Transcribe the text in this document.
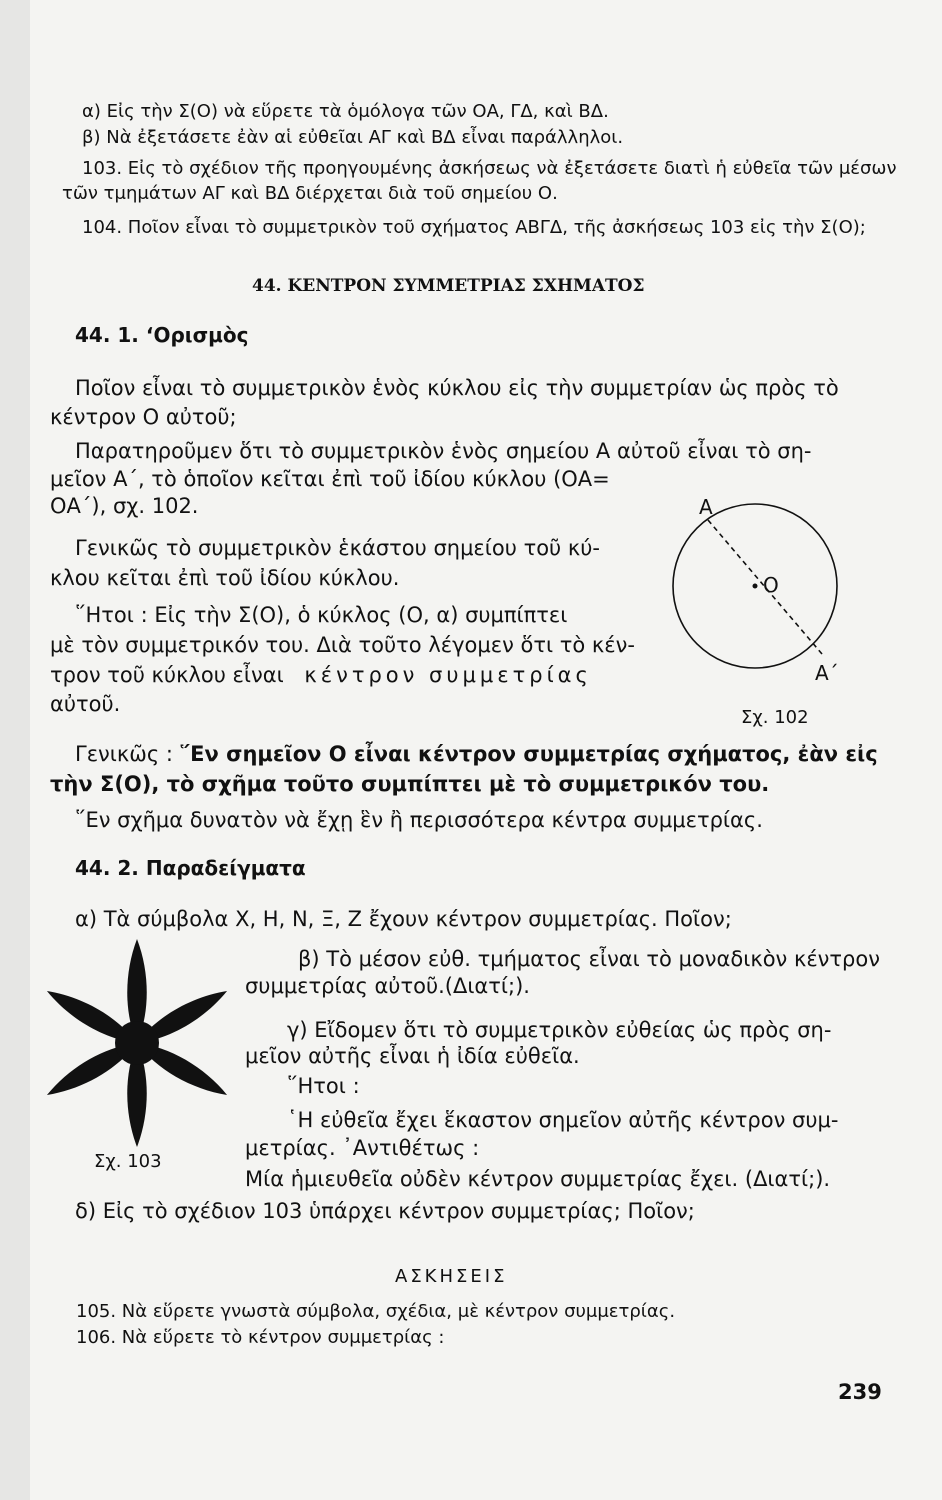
α) Εἰς τὴν Σ(Ο) νὰ εὕρετε τὰ ὁμόλογα τῶν ΟΑ, ΓΔ, καὶ ΒΔ.
β) Νὰ ἐξετάσετε ἐὰν αἱ εὐθεῖαι ΑΓ καὶ ΒΔ εἶναι παράλληλοι.
103. Εἰς τὸ σχέδιον τῆς προηγουμένης ἀσκήσεως νὰ ἐξετάσετε διατὶ ἡ εὐθεῖα τῶν μέσων
τῶν τμημάτων ΑΓ καὶ ΒΔ διέρχεται διὰ τοῦ σημείου Ο.
104. Ποῖον εἶναι τὸ συμμετρικὸν τοῦ σχήματος ΑΒΓΔ, τῆς ἀσκήσεως 103 εἰς τὴν Σ(Ο);
44. ΚΕΝΤΡΟΝ ΣΥΜΜΕΤΡΙΑΣ ΣΧΗΜΑΤΟΣ
44. 1. ʻΟρισμὸς
Ποῖον εἶναι τὸ συμμετρικὸν ἑνὸς κύκλου εἰς τὴν συμμετρίαν ὡς πρὸς τὸ
κέντρον Ο αὐτοῦ;
Παρατηροῦμεν ὅτι τὸ συμμετρικὸν ἑνὸς σημείου Α αὐτοῦ εἶναι τὸ ση-
μεῖον Α΄, τὸ ὁποῖον κεῖται ἐπὶ τοῦ ἰδίου κύκλου (ΟΑ=
ΟΑ΄), σχ. 102.
Γενικῶς τὸ συμμετρικὸν ἑκάστου σημείου τοῦ κύ-
κλου κεῖται ἐπὶ τοῦ ἰδίου κύκλου.
῞Ητοι : Εἰς τὴν Σ(Ο), ὁ κύκλος (Ο, α) συμπίπτει
μὲ τὸν συμμετρικόν του. Διὰ τοῦτο λέγομεν ὅτι τὸ κέν-
τρον τοῦ κύκλου εἶναι κέντρον συμμετρίας
αὐτοῦ.
Α
Ο
Α΄
Σχ. 102
Γενικῶς : ῞Εν σημεῖον Ο εἶναι κέντρον συμμετρίας σχήματος, ἐὰν εἰς
τὴν Σ(Ο), τὸ σχῆμα τοῦτο συμπίπτει μὲ τὸ συμμετρικόν του.
῞Εν σχῆμα δυνατὸν νὰ ἔχῃ ἓν ἢ περισσότερα κέντρα συμμετρίας.
44. 2. Παραδείγματα
α) Τὰ σύμβολα Χ, Η, Ν, Ξ, Ζ ἔχουν κέντρον συμμετρίας. Ποῖον;
β) Τὸ μέσον εὐθ. τμήματος εἶναι τὸ μοναδικὸν κέντρον
συμμετρίας αὐτοῦ.(Διατί;).
γ) Εἴδομεν ὅτι τὸ συμμετρικὸν εὐθείας ὡς πρὸς ση-
μεῖον αὐτῆς εἶναι ἡ ἰδία εὐθεῖα.
῞Ητοι :
῾Η εὐθεῖα ἔχει ἕκαστον σημεῖον αὐτῆς κέντρον συμ-
μετρίας. ᾿Αντιθέτως :
Μία ἡμιευθεῖα οὐδὲν κέντρον συμμετρίας ἔχει. (Διατί;).
δ) Εἰς τὸ σχέδιον 103 ὑπάρχει κέντρον συμμετρίας; Ποῖον;
Σχ. 103
ΑΣΚΗΣΕΙΣ
105. Νὰ εὕρετε γνωστὰ σύμβολα, σχέδια, μὲ κέντρον συμμετρίας.
106. Νὰ εὕρετε τὸ κέντρον συμμετρίας :
239
